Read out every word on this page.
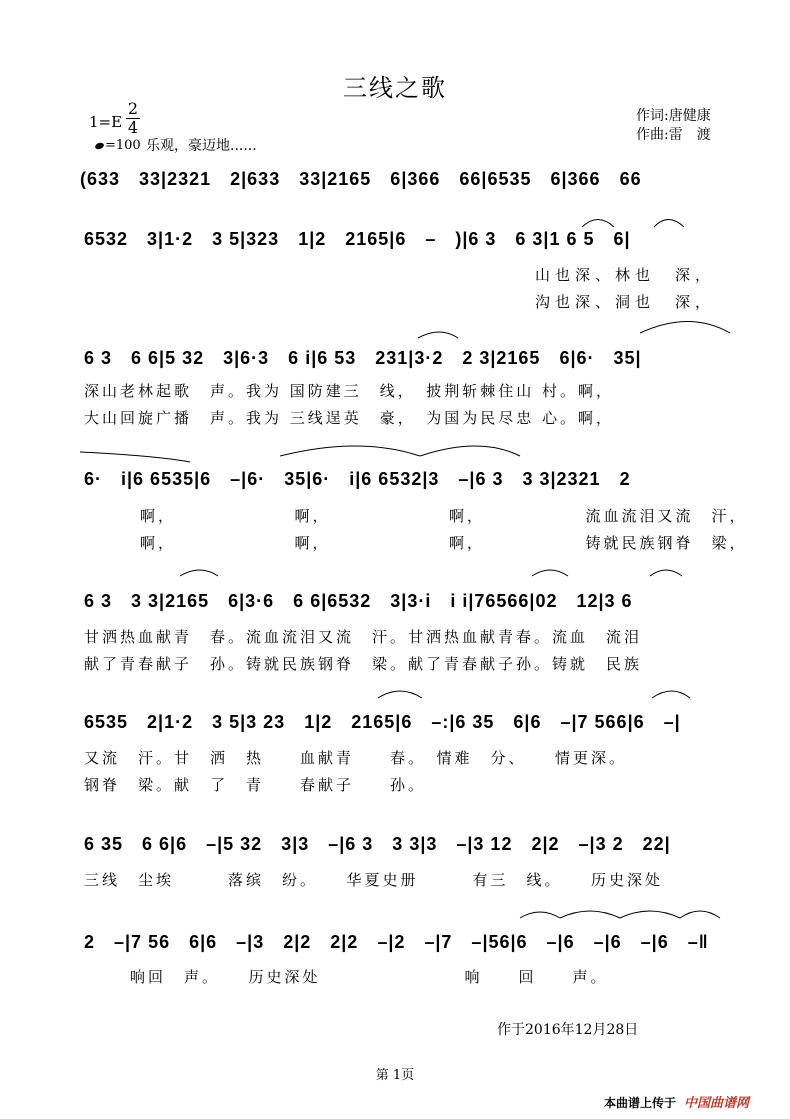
三线之歌
1=E
2
4
=100 乐观，豪迈地......
作词:唐健康
作曲:雷　渡
(633　33|2321　2|633　33|2165　6|366　66|6535　6|366　66
6532　3|1·2　3 5|323　1|2　2165|6　–　)|6 3　6 3|1 6 5　6|
山也深、林也　深，
沟也深、洞也　深，
6 3　6 6|5 32　3|6·3　6 i|6 53　231|3·2　2 3|2165　6|6·　35|
深山老林起歌　声。我为 国防建三　线，　披荆斩棘住山 村。啊，
大山回旋广播　声。我为 三线逞英　豪，　为国为民尽忠 心。啊，
6·　i|6 6535|6　–|6·　35|6·　i|6 6532|3　–|6 3　3 3|2321　2
啊，　　　　　　　啊，　　　　　　　啊，　　　　　　流血流泪又流　汗，
啊，　　　　　　　啊，　　　　　　　啊，　　　　　　铸就民族钢脊　梁，
6 3　3 3|2165　6|3·6　6 6|6532　3|3·i　i i|76566|02　12|3 6
甘洒热血献青　春。流血流泪又流　汗。甘洒热血献青春。流血　流泪
献了青春献子　孙。铸就民族钢脊　梁。献了青春献子孙。铸就　民族
6535　2|1·2　3 5|3 23　1|2　2165|6　–:|6 35　6|6　–|7 566|6　–|
又流　汗。甘　洒　热　　血献青　　春。　情难　分、　　情更深。
钢脊　梁。献　了　青　　春献子　　孙。
6 35　6 6|6　–|5 32　3|3　–|6 3　3 3|3　–|3 12　2|2　–|3 2　22|
三线　尘埃　　　落缤　纷。　　华夏史册　　　有三　线。　　历史深处
2　–|7 56　6|6　–|3　2|2　2|2　–|2　–|7　–|56|6　–|6　–|6　–|6　–‖
响回　声。　　历史深处　　　　　　　　响　　回　　声。
作于2016年12月28日
第 1页
本曲谱上传于 中国曲谱网
